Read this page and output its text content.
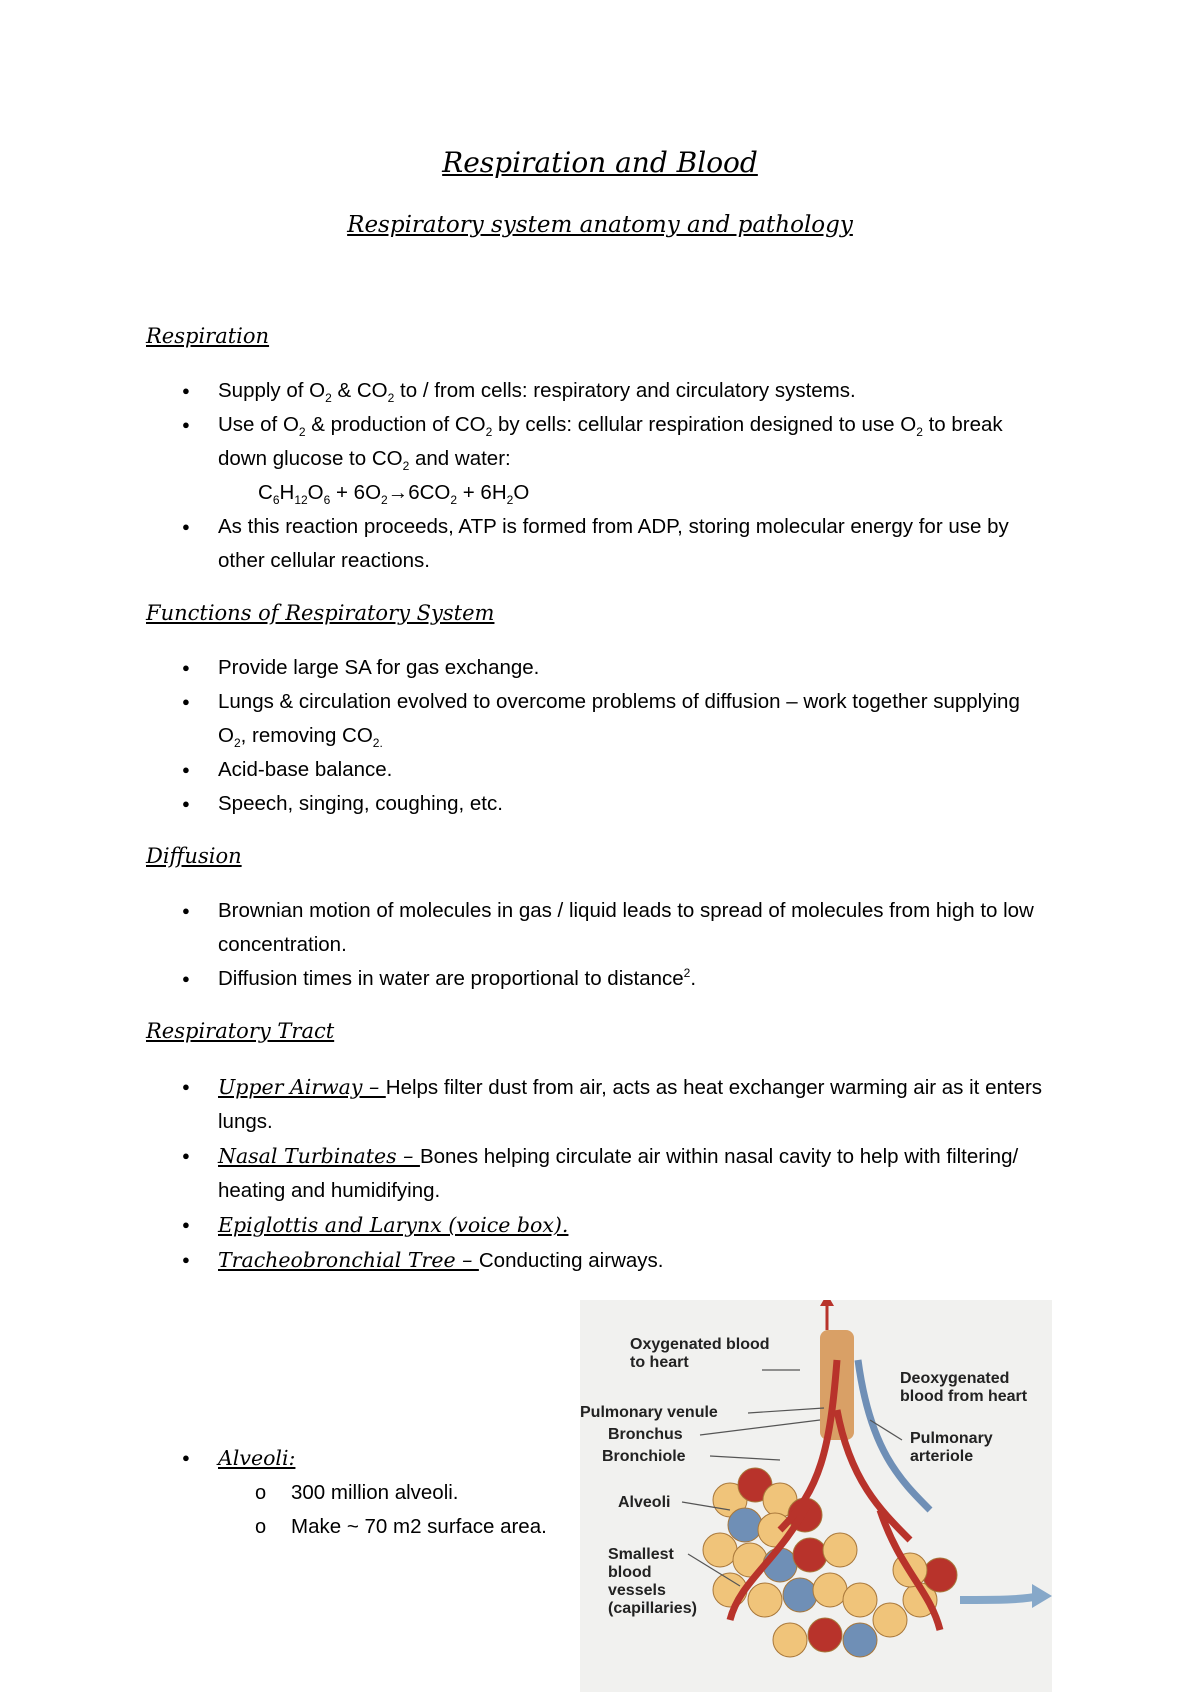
Respiration and Blood
Respiratory system anatomy and pathology
Respiration
● Supply of $O_2$ & $CO_2$ to / from cells: respiratory and circulatory systems.
● Use of $O_2$ & production of $CO_2$ by cells: cellular respiration designed to use $O_2$ to break down glucose to $CO_2$ and water:
$C_6H_{12}O_6 + 6O_2\to 6CO_2 + 6H_2O$
● As this reaction proceeds, ATP is formed from ADP, storing molecular energy for use by other cellular reactions.
Functions of Respiratory System
● Provide large SA for gas exchange.
● Lungs & circulation evolved to overcome problems of diffusion – work together supplying $O_2$, removing $CO_{2.}$
● Acid-base balance.
● Speech, singing, coughing, etc.
Diffusion
● Brownian motion of molecules in gas / liquid leads to spread of molecules from high to low concentration.
● Diffusion times in water are proportional to distance$^2$.
Respiratory Tract
● Upper Airway – Helps filter dust from air, acts as heat exchanger warming air as it enters lungs.
● Nasal Turbinates – Bones helping circulate air within nasal cavity to help with filtering/ heating and humidifying.
● Epiglottis and Larynx (voice box).
● Tracheobronchial Tree – Conducting airways.
● Alveoli:
o 300 million alveoli.
o Make ~ 70 m2 surface area.
Oxygenated blood to heart
Deoxygenated blood from heart
Pulmonary venule
Bronchus
Bronchiole
Pulmonary arteriole
Alveoli
Smallest blood vessels (capillaries)
